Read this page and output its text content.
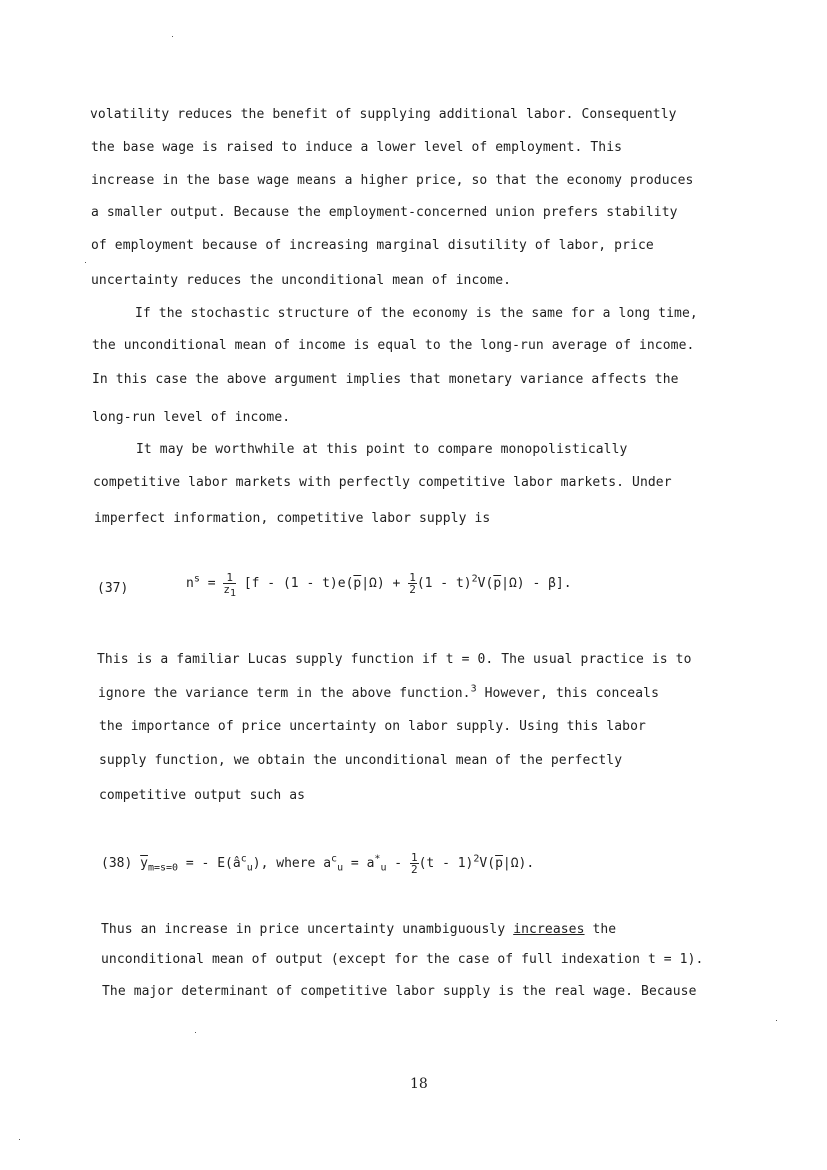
volatility reduces the benefit of supplying additional labor. Consequently
the base wage is raised to induce a lower level of employment. This
increase in the base wage means a higher price, so that the economy produces
a smaller output. Because the employment-concerned union prefers stability
of employment because of increasing marginal disutility of labor, price
uncertainty reduces the unconditional mean of income.
If the stochastic structure of the economy is the same for a long time,
the unconditional mean of income is equal to the long-run average of income.
In this case the above argument implies that monetary variance affects the
long-run level of income.
It may be worthwhile at this point to compare monopolistically
competitive labor markets with perfectly competitive labor markets. Under
imperfect information, competitive labor supply is
(37)	$n^s = \frac{1}{z_1} [f - (1 - t)e(\overline{p}|\Omega) + \frac{1}{2} (1 - t)^2V(\overline{p}|\Omega) - \beta]$.
This is a familiar Lucas supply function if t = 0. The usual practice is to
ignore the variance term in the above function.$^3$ However, this conceals
the importance of price uncertainty on labor supply. Using this labor
supply function, we obtain the unconditional mean of the perfectly
competitive output such as
(38) $\overline{y}_{m=s=0}$ = - $E(a^c_u)$, where $a^c_u = a^*_u - \frac{1}{2} (t - 1)^2V(\overline{p}|\Omega)$.
Thus an increase in price uncertainty unambiguously increases the
unconditional mean of output (except for the case of full indexation t = 1).
The major determinant of competitive labor supply is the real wage. Because
18
